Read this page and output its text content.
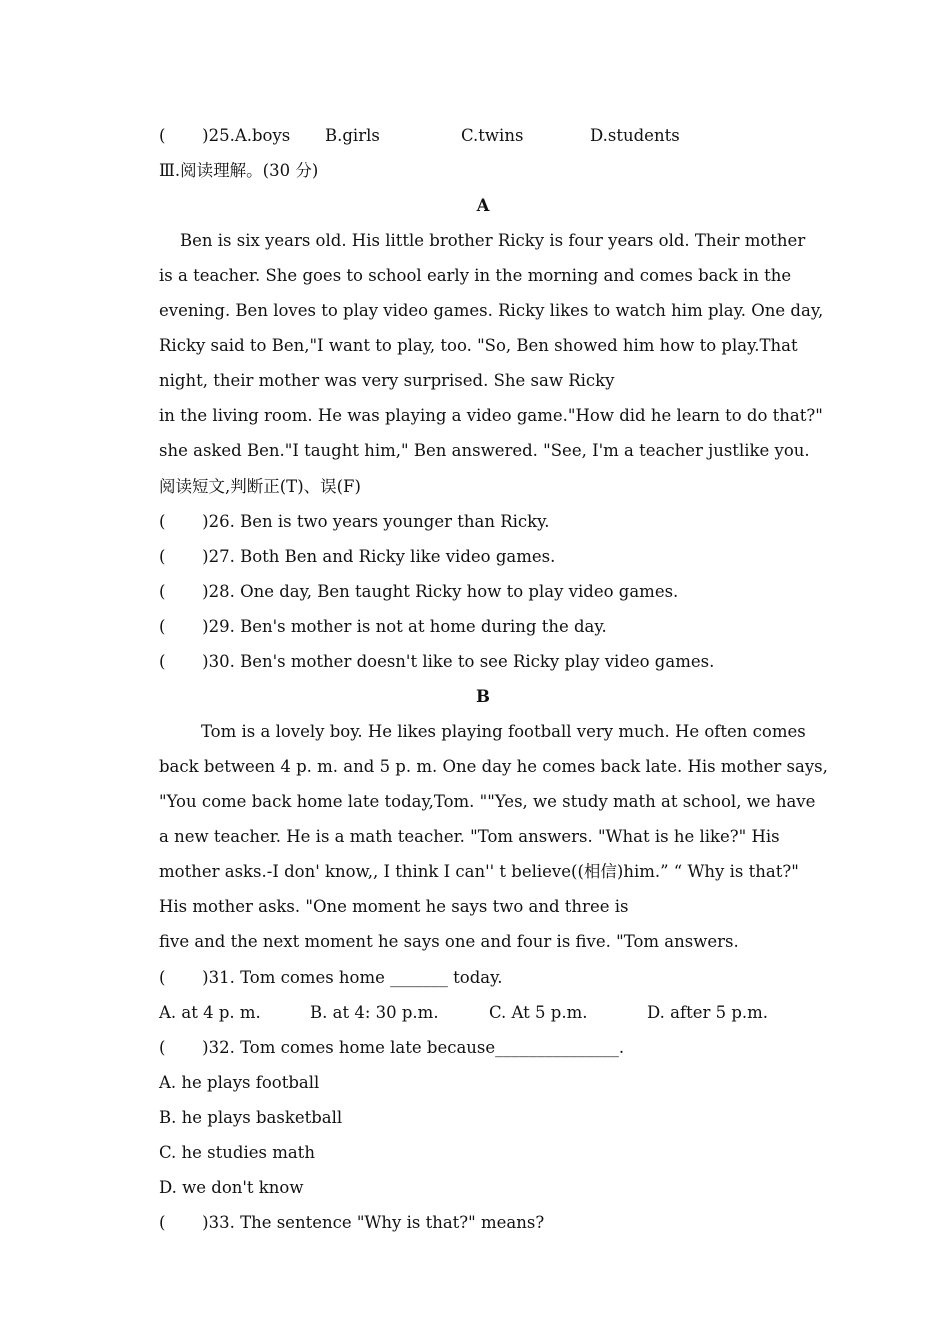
(       )25.A.boys B.girls	C.twins	D.students
Ⅲ.阅读理解。(30 分)
A
Ben is six years old. His little brother Ricky is four years old. Their mother
is a teacher. She goes to school early in the morning and comes back in the
evening. Ben loves to play video games. Ricky likes to watch him play. One day,
Ricky said to Ben,"I want to play, too. "So, Ben showed him how to play.That
night, their mother was very surprised. She saw Ricky
in the living room. He was playing a video game."How did he learn to do that?"
she asked Ben."I taught him," Ben answered. "See, I'm a teacher justlike you.
阅读短文,判断正(T)、误(F)
(       )26. Ben is two years younger than Ricky.
(       )27. Both Ben and Ricky like video games.
(       )28. One day, Ben taught Ricky how to play video games.
(       )29. Ben's mother is not at home during the day.
(       )30. Ben's mother doesn't like to see Ricky play video games.
B
Tom is a lovely boy. He likes playing football very much. He often comes
back between 4 p. m. and 5 p. m. One day he comes back late. His mother says,
"You come back home late today,Tom. ""Yes, we study math at school, we have
a new teacher. He is a math teacher. "Tom answers. "What is he like?" His
mother asks.-I don' know,, I think I can'' t believe((相信)him.” “ Why is that?"
His mother asks. "One moment he says two and three is
five and the next moment he says one and four is five. "Tom answers.
(       )31. Tom comes home _______ today.
A. at 4 p. m.	B. at 4: 30 p.m.	C. At 5 p.m.	D. after 5 p.m.
(       )32. Tom comes home late because_______________.
A. he plays football
B. he plays basketball
C. he studies math
D. we don't know
(       )33. The sentence "Why is that?" means?
